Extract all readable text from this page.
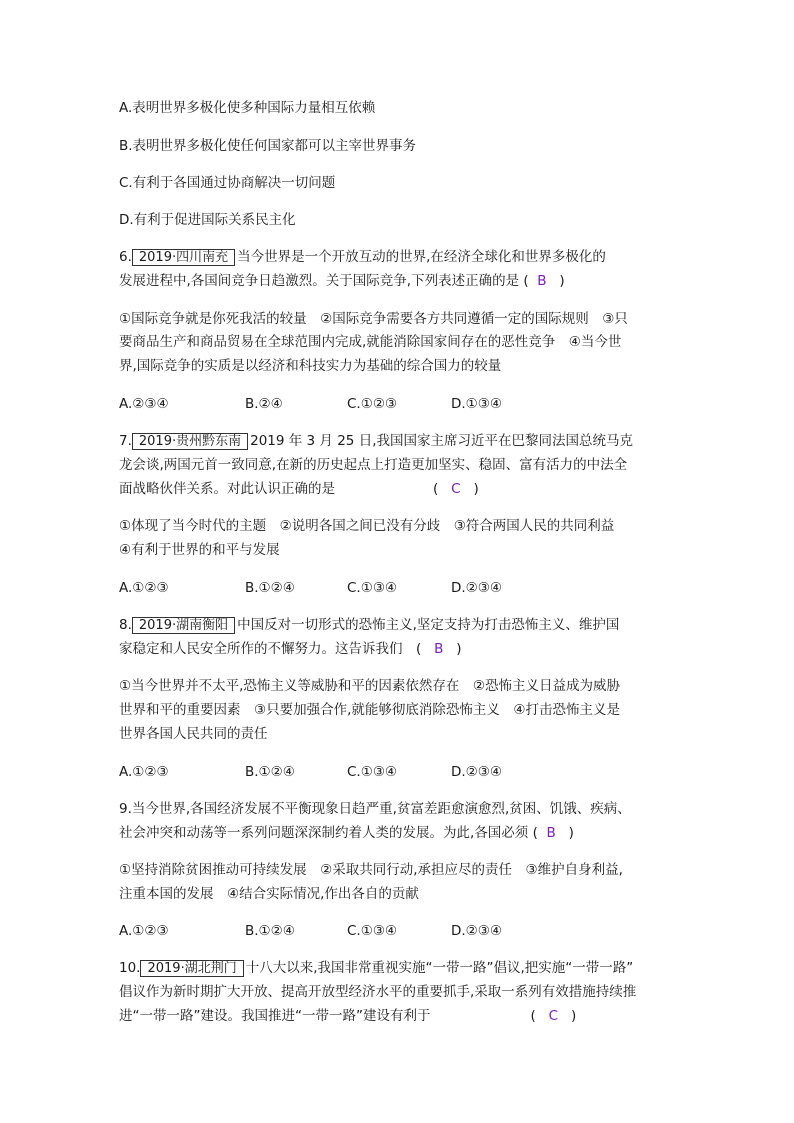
A.表明世界多极化使多种国际力量相互依赖
B.表明世界多极化使任何国家都可以主宰世界事务
C.有利于各国通过协商解决一切问题
D.有利于促进国际关系民主化
6. 2019·四川南充 当今世界是一个开放互动的世界,在经济全球化和世界多极化的
发展进程中,各国间竞争日趋激烈。关于国际竞争,下列表述正确的是 ( B )
①国际竞争就是你死我活的较量　②国际竞争需要各方共同遵循一定的国际规则　③只
要商品生产和商品贸易在全球范围内完成,就能消除国家间存在的恶性竞争　④当今世
界,国际竞争的实质是以经济和科技实力为基础的综合国力的较量
A.②③④	B.②④	C.①②③	D.①③④
7. 2019·贵州黔东南 2019 年 3 月 25 日,我国国家主席习近平在巴黎同法国总统马克
龙会谈,两国元首一致同意,在新的历史起点上打造更加坚实、稳固、富有活力的中法全
面战略伙伴关系。对此认识正确的是	( C )
①体现了当今时代的主题　②说明各国之间已没有分歧　③符合两国人民的共同利益
④有利于世界的和平与发展
A.①②③	B.①②④	C.①③④	D.②③④
8. 2019·湖南衡阳 中国反对一切形式的恐怖主义,坚定支持为打击恐怖主义、维护国
家稳定和人民安全所作的不懈努力。这告诉我们　( B )
①当今世界并不太平,恐怖主义等威胁和平的因素依然存在　②恐怖主义日益成为威胁
世界和平的重要因素　③只要加强合作,就能够彻底消除恐怖主义　④打击恐怖主义是
世界各国人民共同的责任
A.①②③	B.①②④	C.①③④	D.②③④
9.当今世界,各国经济发展不平衡现象日趋严重,贫富差距愈演愈烈,贫困、饥饿、疾病、
社会冲突和动荡等一系列问题深深制约着人类的发展。为此,各国必须 ( B )
①坚持消除贫困推动可持续发展　②采取共同行动,承担应尽的责任　③维护自身利益,
注重本国的发展　④结合实际情况,作出各自的贡献
A.①②③	B.①②④	C.①③④	D.②③④
10. 2019·湖北荆门 十八大以来,我国非常重视实施“一带一路”倡议,把实施“一带一路”
倡议作为新时期扩大开放、提高开放型经济水平的重要抓手,采取一系列有效措施持续推
进“一带一路”建设。我国推进“一带一路”建设有利于	( C )
